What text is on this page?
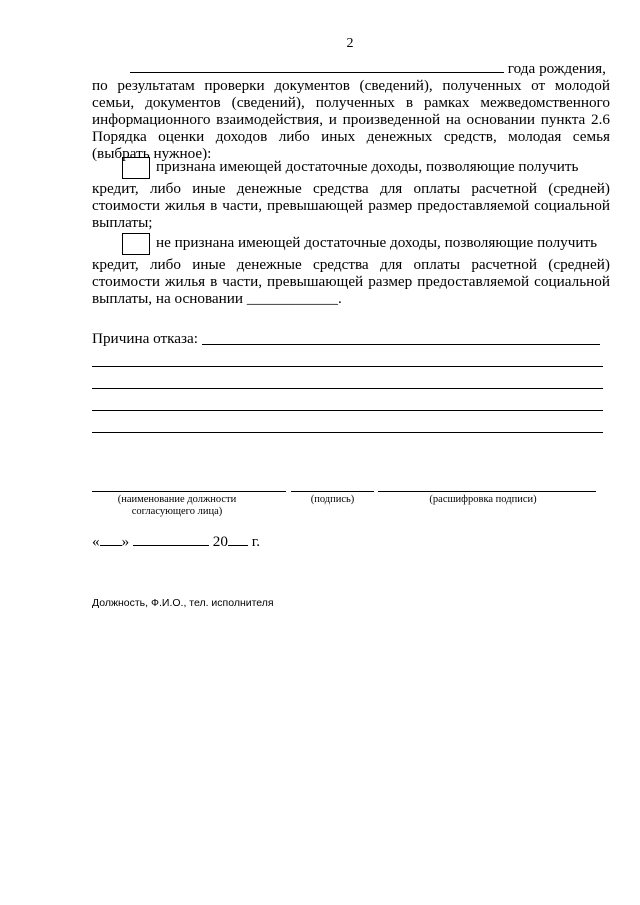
2
года рождения,
по результатам проверки документов (сведений), полученных от молодой семьи, документов (сведений), полученных в рамках межведомственного информационного взаимодействия, и произведенной на основании пункта 2.6 Порядка оценки доходов либо иных денежных средств, молодая семья (выбрать нужное):
признана имеющей достаточные доходы, позволяющие получить
кредит, либо иные денежные средства для оплаты расчетной (средней) стоимости жилья в части, превышающей размер предоставляемой социальной выплаты;
не признана имеющей достаточные доходы, позволяющие получить
кредит, либо иные денежные средства для оплаты расчетной (средней) стоимости жилья в части, превышающей размер предоставляемой социальной выплаты, на основании ____________.
Причина отказа:
(наименование должности
согласующего лица)
(подпись)	(расшифровка подписи)
« »	20 г.
Должность, Ф.И.О., тел. исполнителя
